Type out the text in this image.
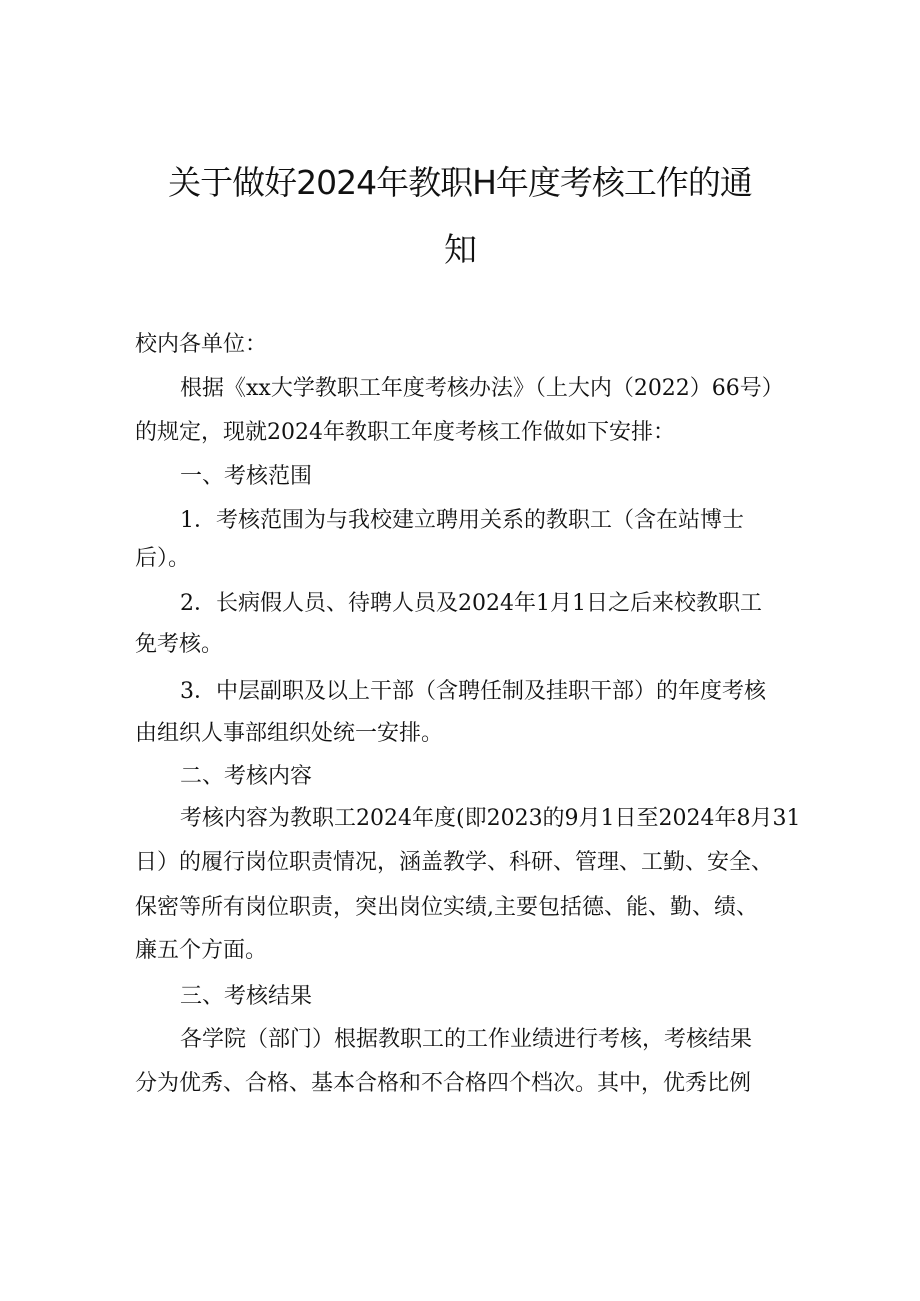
关于做好2024年教职H年度考核工作的通
知
校内各单位：
根据《xx大学教职工年度考核办法》（上大内（2022）66号）
的规定，现就2024年教职工年度考核工作做如下安排：
一、考核范围
1．考核范围为与我校建立聘用关系的教职工（含在站博士
后）。
2．长病假人员、待聘人员及2024年1月1日之后来校教职工
免考核。
3．中层副职及以上干部（含聘任制及挂职干部）的年度考核
由组织人事部组织处统一安排。
二、考核内容
考核内容为教职工2024年度(即2023的9月1日至2024年8月31
日）的履行岗位职责情况，涵盖教学、科研、管理、工勤、安全、
保密等所有岗位职责，突出岗位实绩,主要包括德、能、勤、绩、
廉五个方面。
三、考核结果
各学院（部门）根据教职工的工作业绩进行考核，考核结果
分为优秀、合格、基本合格和不合格四个档次。其中，优秀比例
